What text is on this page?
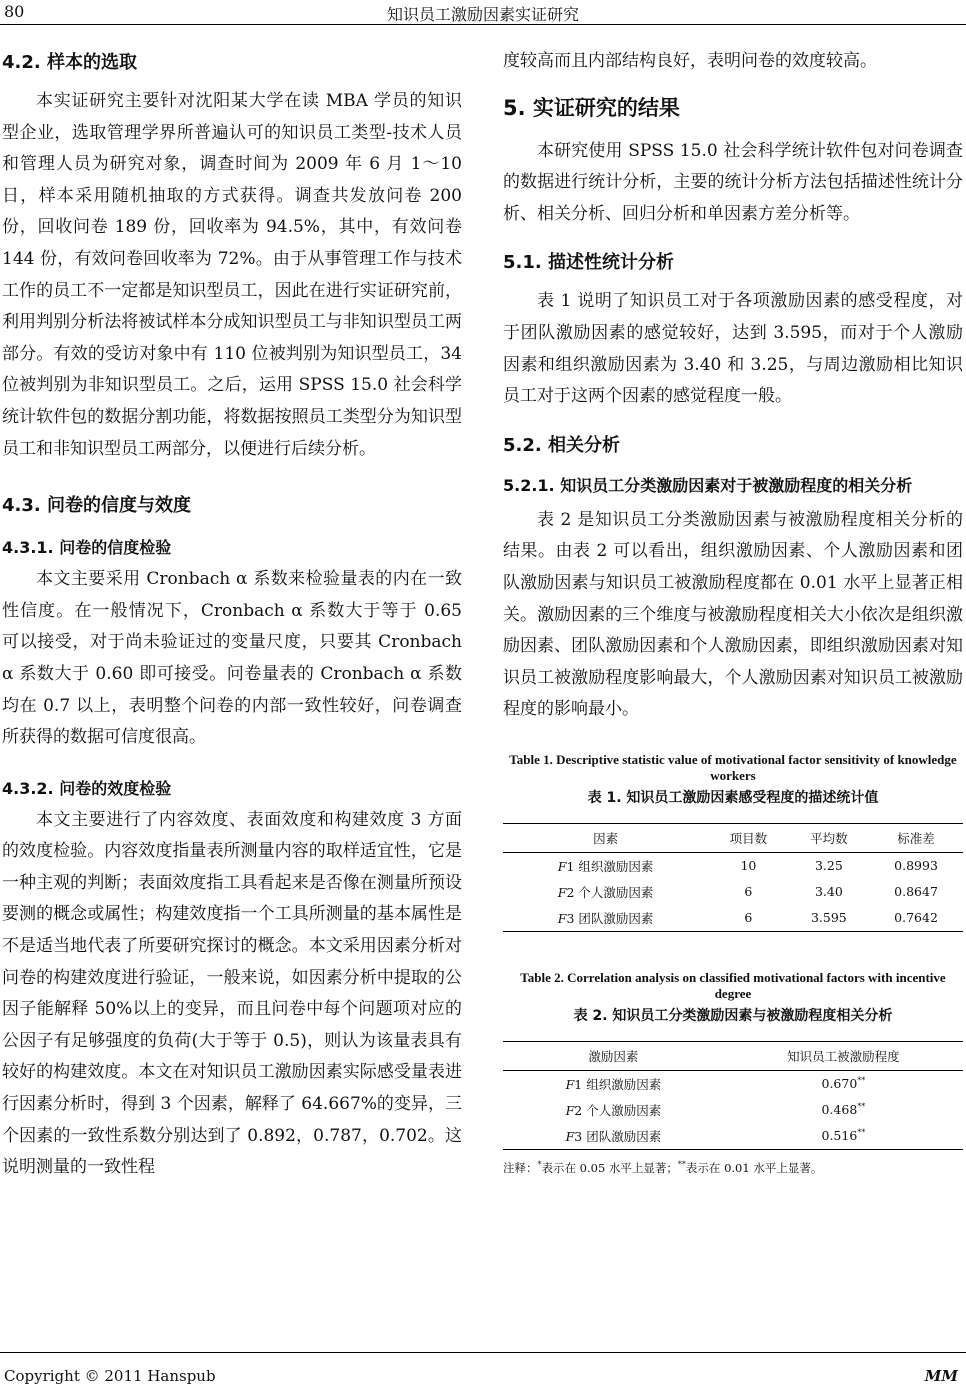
80	知识员工激励因素实证研究
4.2. 样本的选取

本实证研究主要针对沈阳某大学在读 MBA 学员的知识型企业，选取管理学界所普遍认可的知识员工类型-技术人员和管理人员为研究对象，调查时间为 2009 年 6 月 1～10 日，样本采用随机抽取的方式获得。调查共发放问卷 200 份，回收问卷 189 份，回收率为 94.5%，其中，有效问卷 144 份，有效问卷回收率为 72%。由于从事管理工作与技术工作的员工不一定都是知识型员工，因此在进行实证研究前，利用判别分析法将被试样本分成知识型员工与非知识型员工两部分。有效的受访对象中有 110 位被判别为知识型员工，34 位被判别为非知识型员工。之后，运用 SPSS 15.0 社会科学统计软件包的数据分割功能，将数据按照员工类型分为知识型员工和非知识型员工两部分，以便进行后续分析。

4.3. 问卷的信度与效度
4.3.1. 问卷的信度检验

本文主要采用 Cronbach α 系数来检验量表的内在一致性信度。在一般情况下，Cronbach α 系数大于等于 0.65 可以接受，对于尚未验证过的变量尺度，只要其 Cronbach α 系数大于 0.60 即可接受。问卷量表的 Cronbach α 系数均在 0.7 以上，表明整个问卷的内部一致性较好，问卷调查所获得的数据可信度很高。

4.3.2. 问卷的效度检验

本文主要进行了内容效度、表面效度和构建效度 3 方面的效度检验。内容效度指量表所测量内容的取样适宜性，它是一种主观的判断；表面效度指工具看起来是否像在测量所预设要测的概念或属性；构建效度指一个工具所测量的基本属性是不是适当地代表了所要研究探讨的概念。本文采用因素分析对问卷的构建效度进行验证，一般来说，如因素分析中提取的公因子能解释 50%以上的变异，而且问卷中每个问题项对应的公因子有足够强度的负荷(大于等于 0.5)，则认为该量表具有较好的构建效度。本文在对知识员工激励因素实际感受量表进行因素分析时，得到 3 个因素，解释了 64.667%的变异，三个因素的一致性系数分别达到了 0.892，0.787，0.702。这说明测量的一致性程

度较高而且内部结构良好，表明问卷的效度较高。

5. 实证研究的结果

本研究使用 SPSS 15.0 社会科学统计软件包对问卷调查的数据进行统计分析，主要的统计分析方法包括描述性统计分析、相关分析、回归分析和单因素方差分析等。

5.1. 描述性统计分析

表 1 说明了知识员工对于各项激励因素的感受程度，对于团队激励因素的感觉较好，达到 3.595，而对于个人激励因素和组织激励因素为 3.40 和 3.25，与周边激励相比知识员工对于这两个因素的感觉程度一般。

5.2. 相关分析
5.2.1. 知识员工分类激励因素对于被激励程度的相关分析

表 2 是知识员工分类激励因素与被激励程度相关分析的结果。由表 2 可以看出，组织激励因素、个人激励因素和团队激励因素与知识员工被激励程度都在 0.01 水平上显著正相关。激励因素的三个维度与被激励程度相关大小依次是组织激励因素、团队激励因素和个人激励因素，即组织激励因素对知识员工被激励程度影响最大，个人激励因素对知识员工被激励程度的影响最小。

Table 1. Descriptive statistic value of motivational factor sensitivity of knowledge workers
表 1. 知识员工激励因素感受程度的描述统计值
因素	项目数	平均数	标准差
F1 组织激励因素	10	3.25	0.8993
F2 个人激励因素	6	3.40	0.8647
F3 团队激励因素	6	3.595	0.7642
Table 2. Correlation analysis on classified motivational factors with incentive degree
表 2. 知识员工分类激励因素与被激励程度相关分析
激励因素	知识员工被激励程度
F1 组织激励因素	0.670**
F2 个人激励因素	0.468**
F3 团队激励因素	0.516**
注释：*表示在 0.05 水平上显著；**表示在 0.01 水平上显著。
Copyright © 2011 Hanspub	MM
